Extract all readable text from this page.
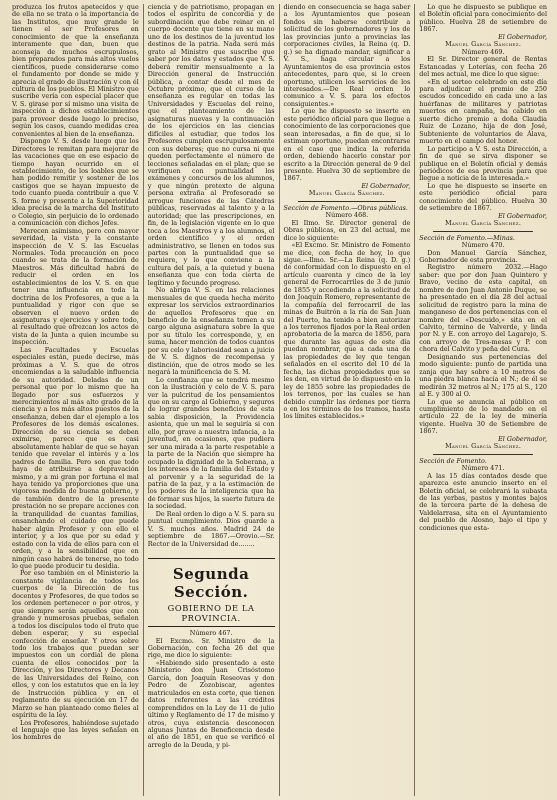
produzca los frutos apetecidos y que de ella no se trata o la importancia de las Institutos, que muy grande le tienen el ser Profesores en conocimiento de que la enseñanza interamente que dan, buen que aconseja de muchos escrupulosos, bien preparados para más altos vuelos científicos, puede considerarse como el fundamento por donde se mide y aprecia el grado de ilustración y con él cultura de los pueblos. El Ministro que suscribe vería con especial placer que V. S. girase por sí mismo una visita de inspección a dichos establecimientos para proveer desde luego lo preciso, según los casos, cuando medidas crea convenientes al bien de la enseñanza.

Dispongo V. S. desde luego que los Directores le remitan para mejorar de las vacaciones que en ese espacio de tiempo hayan ocurrido en el establecimiento, de los loables que se han podido remitir y sostener de los castigos que se hayan impuesto de todo cuanto pueda contribuir a que V. S. forme y presente a la Superioridad idea precisa de la marcha del Instituto o Colegio, sin perjuicio de lo ordenado a comunicación con dichos Jefes.

Merecen asimismo, pero con mayor severidad, la vista y la constante inspección de V. S. las Escuelas Normales. Toda precaución en poco cuando se trata de la formación de Maestros. Más dificultad habrá de reducir el orden en los establecimientos de los V. S. en que tener una influencia en toda la doctrina de los Profesores, a que a la puntualidad y rigor con que se observen el nuevo orden de asignaturas y ejercicios y sobre todo, al resultado que ofrezcan los actos de vista de la Junta a quien incumbe su inspección.

Las Facultades y Escuelas especiales están, puede decirse, más próximas a V. S. que de otros encomiendas a la saludable influencia de su autoridad. Deladas de un personal que por lo mismo que ha llegado por sus esfuerzos y merecimientos al más alto grado de la ciencia y a los más altos puestos de la enseñanza, deben dar el ejemplo a los Profesores de los demás escalones. Dirección de su ciencia se deben eximirse, parece que es casi absolutamente hablar de que se hayan tenido que revelar el interés y a los padres de familia. Pero son que todo haya de atribuirse a depravación mismo, y a mi gran por fortuna el mal haya tenido ya proporciones que una vigorosa medida de buena gobierno, y de también dentro de la presente prestación no se prepare acciones con la tranquilidad de cuantas familias, ensanchando el cuidado que puede haber algún Profesor y con ello el interior, y a los que por su edad y estado con la vida de ellos para con el orden, y a la sensibilidad que en ningún caso habrá de tenerse, no todo lo que puede producir tu desidia.

Por eso también en el Ministerio la constante vigilancia de todos los cuerpos de la Dirección de tus docentes y Profesores, de que todos se los ordenen pertenecer o por otros, y que siempre serán aquellos que con grande y numerosas pruebas, señalen a todos los discípulos todo el fruto que deben esperar, y su especial confección de enseñar. Y otros sobre todo los trabajos que puedan ser impuestos con un cordial de plena cuenta de ellos conocidos por la Dirección, y los Directores y Decanos de las Universidades del Reino, con ellos, y con los estatutos que en la ley de Instrucción pública y en el reglamento de su ejecución en 17 de Marzo se han planteado como fieles al espíritu de la ley.

Los Profesores, habiéndose sujetado el lenguaje que las leyes señalan en los hombres de

ciencia y de patriotismo, propagan en todos el espíritu de concordia y de subordinación que debe reinar en el cuerpo docente que tiene en su mano uno de los destinos de la juventud los destinos de la patria. Nada será más grato al Ministro que suscribe que saber por los datos y estados que V. S. deberá remitir mensualmente a la Dirección general de Instrucción pública, a contar desde el mes de Octubre próximo, que el curso de la enseñanza es regular en todas las Universidades y Escuelas del reino, que el planteamiento de las asignaturas nuevas y la continuación de los ejercicios en las ciencias difíciles al estudiar, que todos los Profesores cumplen escrupulosamente con sus deberes; que no cursa ni que queden perfectamente el número de lecciones señaladas en el plan; que se verifiquen con puntualidad los exámenes y concursos de los alumnos, y que ningún pretexto de alguna persona extraña al Profesorado se arrogue funciones de las Cátedras públicas, reservadas al talento y a la autoridad; que las prescripciones, en fin, de la legislación vigente en lo que toca a los Maestros y a los alumnos, el orden científico y el orden administrativo, se llenen en todos sus partes con la puntualidad que se requiere, y lo que conviene a la cultura del país, a la quietud y buena enseñanza que con toda cierta de legítimo y fecundo progreso.

No abriga V. S. en las relaciones mensuales de que queda hecha mérito expresar los servicios extraordinarios de aquellos Profesores que en beneficio de la enseñanza tomen a su cargo alguna asignatura sobre la que por su título les corresponde, y, en suma, hacer mención de todos cuantos por su celo y laboriosidad sean a juicio de V. S. dignos de recompensa y distinción, que de otros modo se les negará la munificencia de S. M.

Lo confianza que se tendrá mesmo con la ilustración y celo de V. S. para ver la pulcritud de los pensamientos que en su cargo al Gobierno, y seguros de lograr grandes beneficios de esta sabia disposición, la Providencia asienta, que un mal le seguiría si con ello, por grave a nuestra infancia, a la juventud, en ocasiones, que pudiera ser una mirada a la parte respetable a la parte de la Nación que siempre ha ocupado la dignidad de la Soberana, a los intereses de la familia del Estado y al porvenir y a la seguridad de la patria de la paz, y a la estimación de los poderes de la inteligencia que ha de formar sus hijos, la suerte futura de la sociedad.

De Real orden lo digo a V. S. para su puntual cumplimiento. Dios guarde a V. S. muchos años. Madrid 24 de septiembre de 1867.—Orovio.—Sr. Rector de la Universidad de........

Segunda Sección.
GOBIERNO DE LA PROVINCIA.

Número 467.

El Excmo. Sr. Ministro de la Gobernación, con fecha 26 del que rige, me dice lo siguiente:

«Habiendo sido presentado a este Ministerio don Juan Crisóstomo García, don Joaquín Reseovas y don Pedro de Zozobiscar, agentes matriculados en esta corte, que tienen datos referentes a las créditos comprendidos en la Ley de 11 de julio último y Reglamento de 17 de mismo y otros, cuya existencia desconocen algunas Juntas de Beneficencia desde el año de 1851, en que se verificó el arreglo de la Deuda, y pi-

diendo en consecuencia se haga saber a los Ayuntamientos que posean fondos sin haberse contribuir a solicitud de los gobernadores y los de las provincias junto a provincias las corporaciones civiles, la Reina (q. D. g.) se ha dignado mandar, significar a V. S., haga circular a los Ayuntamientos de esa provincia estos antecedentes, para que, si lo creen oportuno, utilicen los servicios de los interesados.—De Real orden lo comunico a V. S. para los efectos consiguientes.»

Lo que he dispuesto se inserte en este periódico oficial para que llegue a conocimiento de las corporaciones que sean interesadas, a fin de que, si lo estiman oportuno, puedan encontrarse en el caso que indica la referida orden, debiendo hacerlo constar por escrito a la Dirección general de 9 del presente. Huelva 30 de septiembre de 1867.

El Gobernador,

Manuel García Sánchez.

Sección de Fomento.—Obras públicas.

Número 468.

El Ilmo. Sr. Director general de Obras públicas, en 23 del actual, me dice lo siguiente:

«El Excmo. Sr. Ministro de Fomento me dice, con fecha de hoy, lo que sigue.—Ilmo. Sr.—La Reina (q. D. g.) de conformidad con lo dispuesto en el artículo cuarenta y cinco de la ley general de Ferrocarriles de 3 de junio de 1855 y accediendo a la solicitud de don Joaquín Romero, representante de la compañía del ferrocarril de las minas de Buitrón a la ría de San Juan del Puerto, ha tenido a bien autorizar a los terrenos fijados por la Real orden aprobatoria de la marca de 1856, para que durante las aguas de este día puedan nombrar, que a cada una de las propiedades de ley que tengan señalados en el escrito del 10 de la fecha, las dichas propiedades que se les den, en virtud de lo dispuesto en la ley de 1855 sobre las propiedades de los terrenos, por las cuales se han debido cumplir las órdenes por tierra o en los términos de los tramos, hasta los límites establecidos.»

Lo que he dispuesto se publique en el Boletín oficial para conocimiento del público. Huelva 28 de setiembre de 1867.

El Gobernador,

Manuel García Sánchez.

Número 469.

El Sr. Director general de Rentas Estancadas y Loterías, con fecha 26 del mes actual, me dice lo que sigue:

«En el sorteo celebrado en este día para adjudicar el premio de 250 escudos concedido en cada uno a las huérfanas de militares y patriotas muertos en campaña, ha cabido en suerte dicho premio a doña Claudia Ruiz de Lozano, hija de don José, Subteniente de voluntarios de Álava, muerto en el campo del honor.

Lo participo a V. S. esta Dirección, a fin de que se sirva disponer se publique en el Boletín oficial y demás periódicos de esa provincia para que llegue a noticia de la interesada.»

Lo que he dispuesto se inserte en este periódico oficial para conocimiento del público. Huelva 30 de setiembre de 1867.

El Gobernador,

Manuel García Sánchez.

Sección de Fomento.—Minas.

Número 470.

Don Manuel García Sánchez, Gobernador de esta provincia.

Registro número 2032.—Hago saber: que por don Juan Quintero y Bravo, vecino de esta capital, en nombre de don Juan Antonio Duque, se ha presentado en el día 28 del actual solicitud de registro para la mina de manganeso de dos pertenencias con el nombre del «Descuido,» sita en el Calvito, término de Valverde, y linda por N. y E. con arroyo del Lagarejo, S. con arroyo de Tres-mesas y P. con chora del Calvito y peña del Cura.

Designando sus pertenencias del modo siguiente: punto de partida una zanja que hay sobre a 10 metros de una piedra blanca hacia el N.; de él se medirán 32 metros al N.; 175 al S., 120 al E. y 300 al O.

Lo que se anuncia al público en cumplimiento de lo mandado en el artículo 22 de la ley de minería vigente. Huelva 30 de Setiembre de 1867.

El Gobernador,

Manuel García Sánchez.

Sección de Fomento.

Número 471.

A las 15 días contados desde que aparezca este anuncio inserto en el Boletín oficial, se celebrará la subasta de las yerbas, pastos y montes bajos de la tercera parte de la dehesa de Valdelarrasa, sita en el Ayuntamiento del pueblo de Alosno, bajo el tipo y condiciones que esta-
